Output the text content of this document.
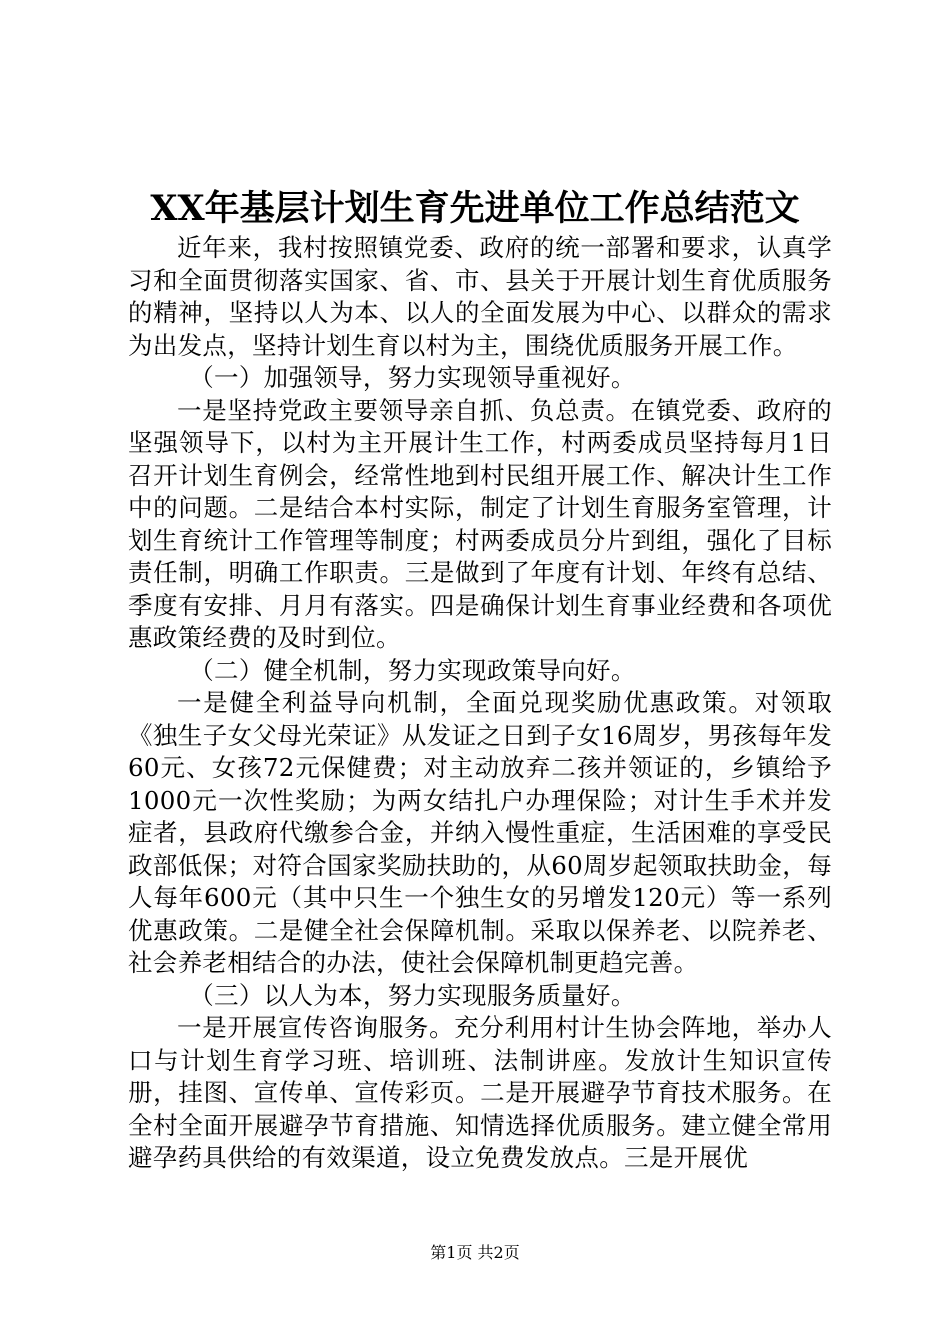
XX年基层计划生育先进单位工作总结范文

近年来，我村按照镇党委、政府的统一部署和要求，认真学习和全面贯彻落实国家、省、市、县关于开展计划生育优质服务的精神，坚持以人为本、以人的全面发展为中心、以群众的需求为出发点，坚持计划生育以村为主，围绕优质服务开展工作。

（一）加强领导，努力实现领导重视好。

一是坚持党政主要领导亲自抓、负总责。在镇党委、政府的坚强领导下，以村为主开展计生工作，村两委成员坚持每月1日召开计划生育例会，经常性地到村民组开展工作、解决计生工作中的问题。二是结合本村实际，制定了计划生育服务室管理，计划生育统计工作管理等制度；村两委成员分片到组，强化了目标责任制，明确工作职责。三是做到了年度有计划、年终有总结、季度有安排、月月有落实。四是确保计划生育事业经费和各项优惠政策经费的及时到位。

（二）健全机制，努力实现政策导向好。

一是健全利益导向机制，全面兑现奖励优惠政策。对领取《独生子女父母光荣证》从发证之日到子女16周岁，男孩每年发60元、女孩72元保健费；对主动放弃二孩并领证的，乡镇给予1000元一次性奖励；为两女结扎户办理保险；对计生手术并发症者，县政府代缴参合金，并纳入慢性重症，生活困难的享受民政部低保；对符合国家奖励扶助的，从60周岁起领取扶助金，每人每年600元（其中只生一个独生女的另增发120元）等一系列优惠政策。二是健全社会保障机制。采取以保养老、以院养老、社会养老相结合的办法，使社会保障机制更趋完善。

（三）以人为本，努力实现服务质量好。

一是开展宣传咨询服务。充分利用村计生协会阵地，举办人口与计划生育学习班、培训班、法制讲座。发放计生知识宣传册，挂图、宣传单、宣传彩页。二是开展避孕节育技术服务。在全村全面开展避孕节育措施、知情选择优质服务。建立健全常用避孕药具供给的有效渠道，设立免费发放点。三是开展优

第1页 共2页
